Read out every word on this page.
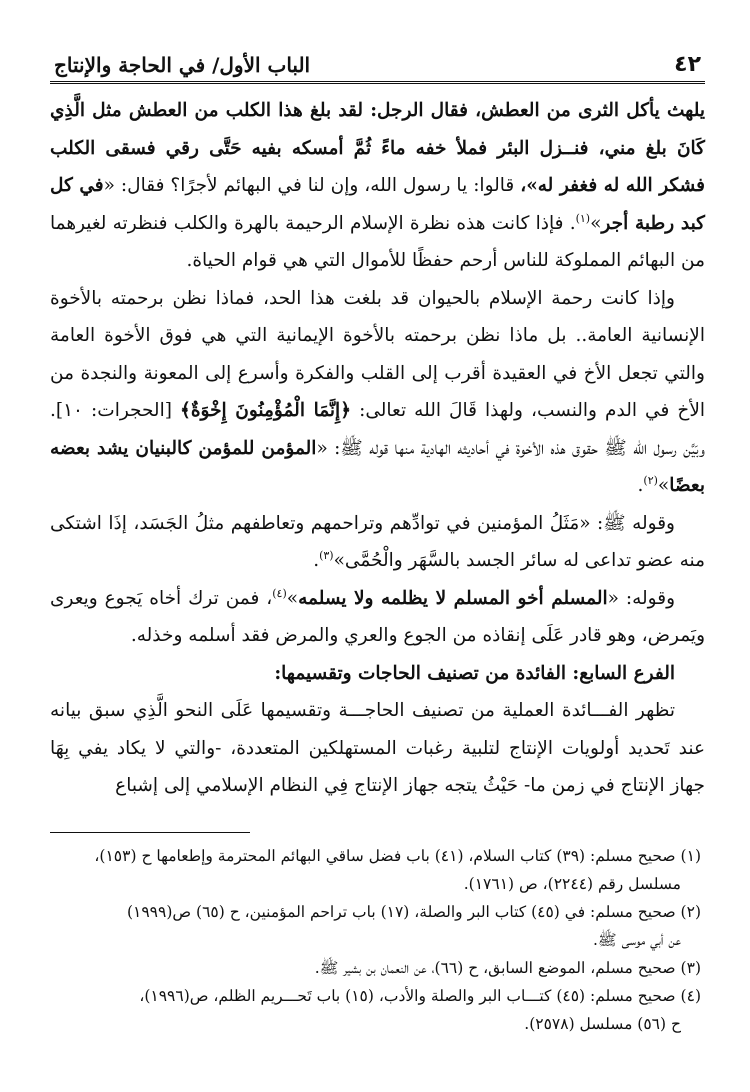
٤٢
الباب الأول/ في الحاجة والإنتاج

يلهث يأكل الثرى من العطش، فقال الرجل: لقد بلغ هذا الكلب من العطش مثل الَّذِي كَانَ بلغ مني، فنــزل البئر فملأ خفه ماءً ثُمَّ أمسكه بفيه حَتَّى رقي فسقى الكلب فشكر الله له فغفر له»، قالوا: يا رسول الله، وإن لنا في البهائم لأجرًا؟ فقال: «في كل كبد رطبة أجر»$^{(١)}$. فإذا كانت هذه نظرة الإسلام الرحيمة بالهرة والكلب فنظرته لغيرهما من البهائم المملوكة للناس أرحم حفظًا للأموال التي هي قوام الحياة.

وإذا كانت رحمة الإسلام بالحيوان قد بلغت هذا الحد، فماذا نظن برحمته بالأخوة الإنسانية العامة.. بل ماذا نظن برحمته بالأخوة الإيمانية التي هي فوق الأخوة العامة والتي تجعل الأخ في العقيدة أقرب إلى القلب والفكرة وأسرع إلى المعونة والنجدة من الأخ في الدم والنسب، ولهذا قَالَ الله تعالى: ﴿إِنَّمَا الْمُؤْمِنُونَ إِخْوَةٌ﴾ [الحجرات: ١٠]. وبَيَّن رسول الله ﷺ حقوق هذه الأخوة في أحاديثه الهادية منها قوله ﷺ: «المؤمن للمؤمن كالبنيان يشد بعضه بعضًا»$^{(٢)}$.

وقوله ﷺ: «مَثَلُ المؤمنين في توادِّهم وتراحمهم وتعاطفهم مثلُ الجَسَد، إذَا اشتكى منه عضو تداعى له سائر الجسد بالسَّهَر والْحُمَّى»$^{(٣)}$.

وقوله: «المسلم أخو المسلم لا يظلمه ولا يسلمه»$^{(٤)}$، فمن ترك أخاه يَجوع ويعرى ويَمرض، وهو قادر عَلَى إنقاذه من الجوع والعري والمرض فقد أسلمه وخذله.

الفرع السابع: الفائدة من تصنيف الحاجات وتقسيمها:

تظهر الفـــائدة العملية من تصنيف الحاجـــة وتقسيمها عَلَى النحو الَّذِي سبق بيانه عند تَحديد أولويات الإنتاج لتلبية رغبات المستهلكين المتعددة، -والتي لا يكاد يفي بِهَا جهاز الإنتاج في زمن ما- حَيْثُ يتجه جهاز الإنتاج فِي النظام الإسلامي إلى إشباع

(١) صحيح مسلم: (٣٩) كتاب السلام، (٤١) باب فضل ساقي البهائم المحترمة وإطعامها ح (١٥٣)،
مسلسل رقم (٢٢٤٤)، ص (١٧٦١).
(٢) صحيح مسلم: في (٤٥) كتاب البر والصلة، (١٧) باب تراحم المؤمنين، ح (٦٥) ص(١٩٩٩)
عن أبي موسى ﷺ.
(٣) صحيح مسلم، الموضع السابق، ح (٦٦)، عن النعمان بن بشير ﷺ.
(٤) صحيح مسلم: (٤٥) كتـــاب البر والصلة والأدب، (١٥) باب تَحـــريم الظلم، ص(١٩٩٦)،
ح (٥٦) مسلسل (٢٥٧٨).
